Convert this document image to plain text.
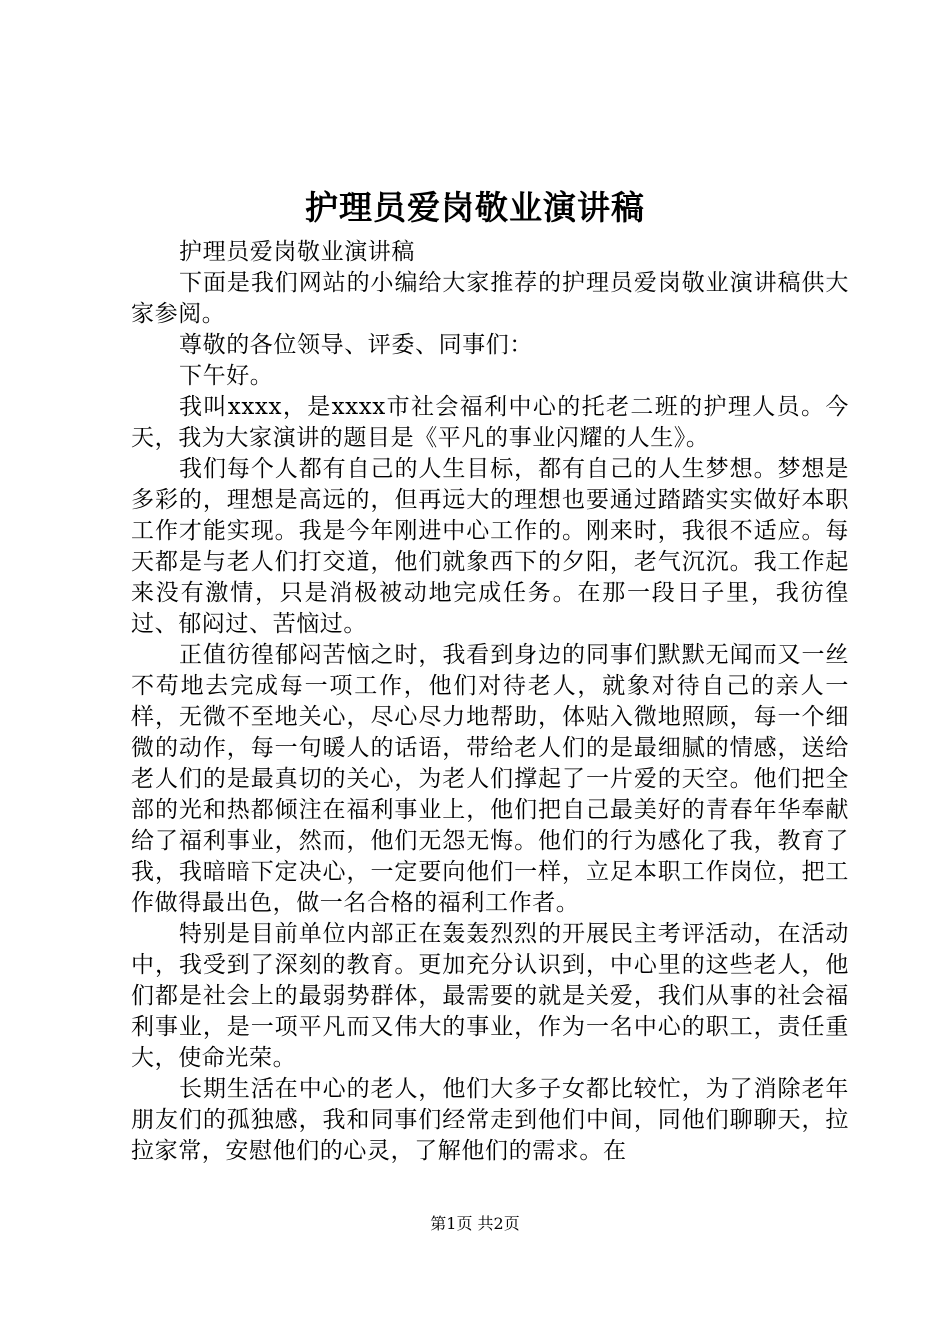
护理员爱岗敬业演讲稿

护理员爱岗敬业演讲稿

下面是我们网站的小编给大家推荐的护理员爱岗敬业演讲稿供大家参阅。

尊敬的各位领导、评委、同事们：

下午好。

我叫xxxx，是xxxx市社会福利中心的托老二班的护理人员。今天，我为大家演讲的题目是《平凡的事业闪耀的人生》。

我们每个人都有自己的人生目标，都有自己的人生梦想。梦想是多彩的，理想是高远的，但再远大的理想也要通过踏踏实实做好本职工作才能实现。我是今年刚进中心工作的。刚来时，我很不适应。每天都是与老人们打交道，他们就象西下的夕阳，老气沉沉。我工作起来没有激情，只是消极被动地完成任务。在那一段日子里，我彷徨过、郁闷过、苦恼过。

正值彷徨郁闷苦恼之时，我看到身边的同事们默默无闻而又一丝不苟地去完成每一项工作，他们对待老人，就象对待自己的亲人一样，无微不至地关心，尽心尽力地帮助，体贴入微地照顾，每一个细微的动作，每一句暖人的话语，带给老人们的是最细腻的情感，送给老人们的是最真切的关心，为老人们撑起了一片爱的天空。他们把全部的光和热都倾注在福利事业上，他们把自己最美好的青春年华奉献给了福利事业，然而，他们无怨无悔。他们的行为感化了我，教育了我，我暗暗下定决心，一定要向他们一样，立足本职工作岗位，把工作做得最出色，做一名合格的福利工作者。

特别是目前单位内部正在轰轰烈烈的开展民主考评活动，在活动中，我受到了深刻的教育。更加充分认识到，中心里的这些老人，他们都是社会上的最弱势群体，最需要的就是关爱，我们从事的社会福利事业，是一项平凡而又伟大的事业，作为一名中心的职工，责任重大，使命光荣。

长期生活在中心的老人，他们大多子女都比较忙，为了消除老年朋友们的孤独感，我和同事们经常走到他们中间，同他们聊聊天，拉拉家常，安慰他们的心灵，了解他们的需求。在

第1页 共2页
